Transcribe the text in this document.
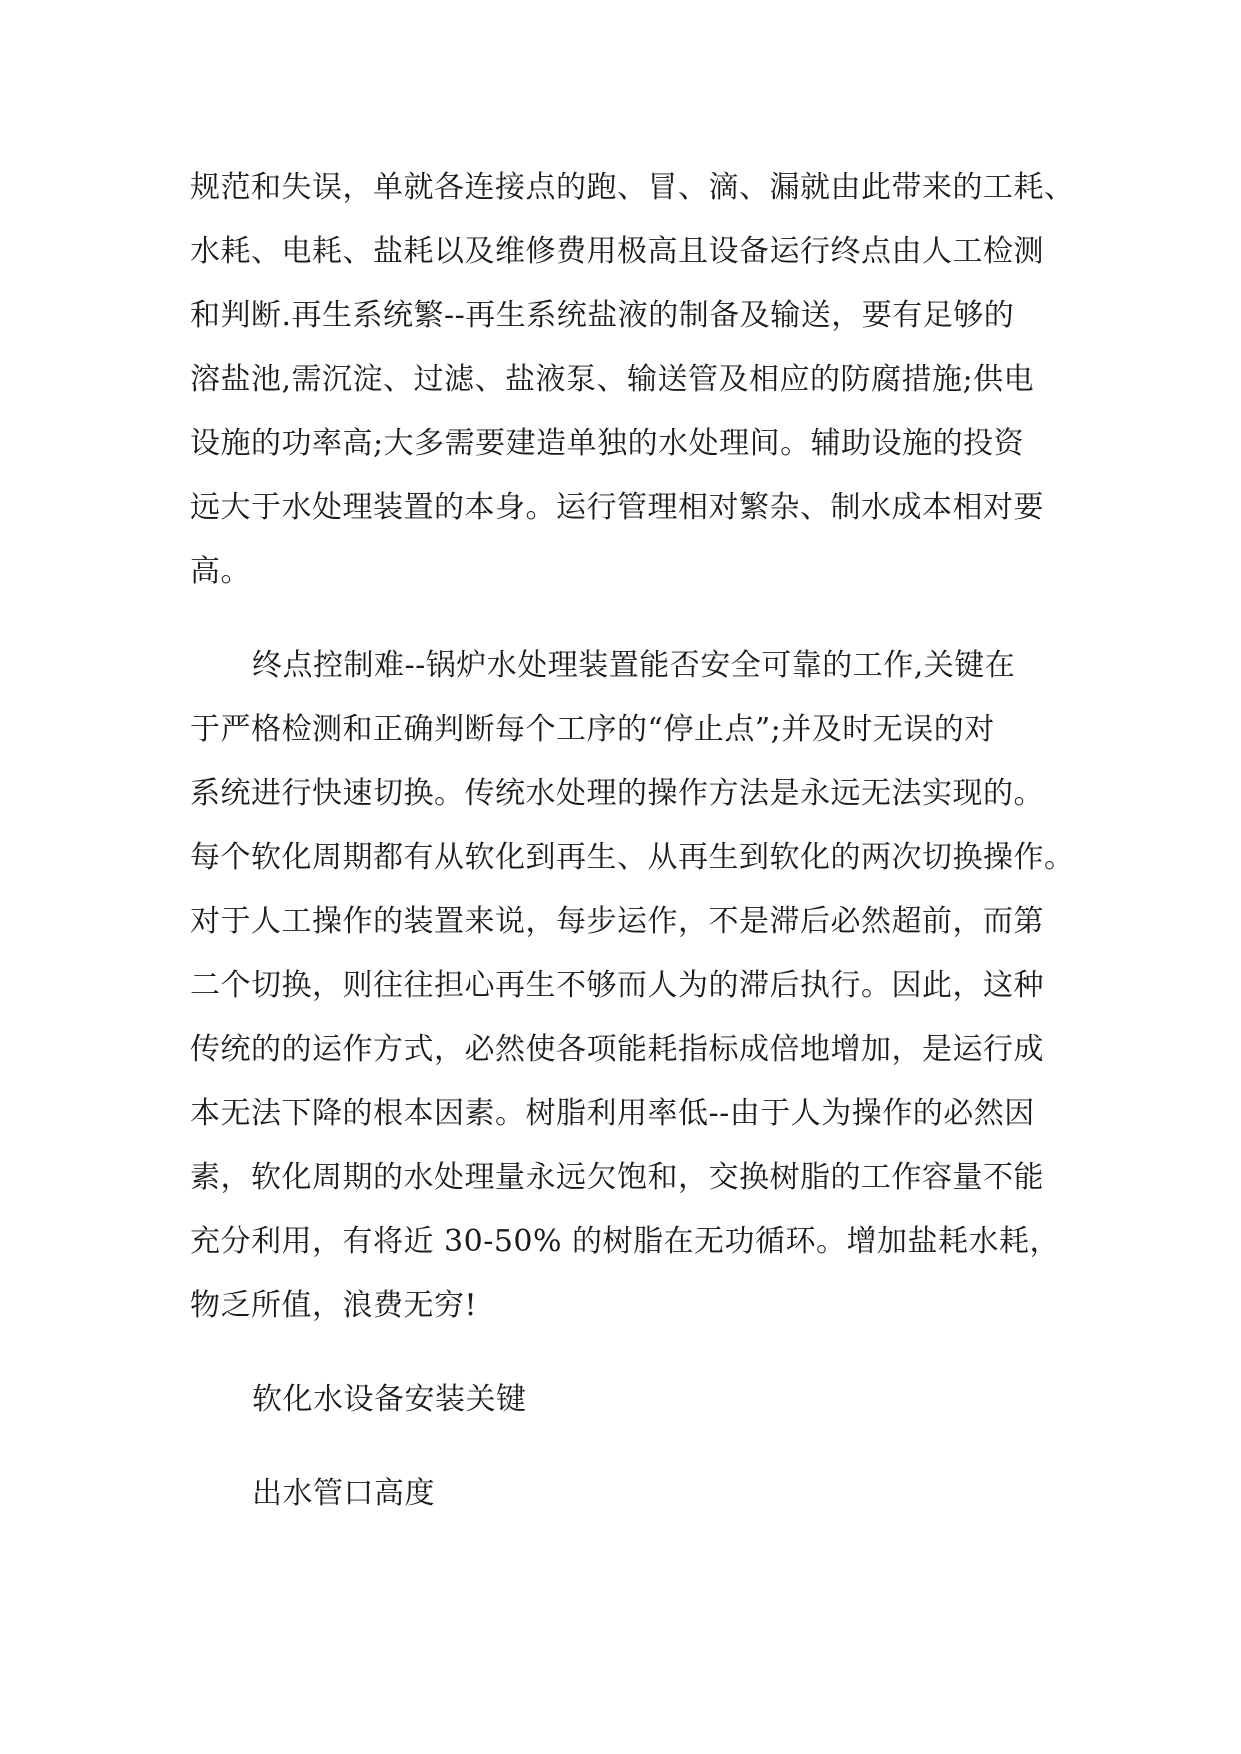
规范和失误，单就各连接点的跑、冒、滴、漏就由此带来的工耗、
水耗、电耗、盐耗以及维修费用极高且设备运行终点由人工检测
和判断.再生系统繁--再生系统盐液的制备及输送，要有足够的
溶盐池,需沉淀、过滤、盐液泵、输送管及相应的防腐措施;供电
设施的功率高;大多需要建造单独的水处理间。辅助设施的投资
远大于水处理装置的本身。运行管理相对繁杂、制水成本相对要
高。

终点控制难--锅炉水处理装置能否安全可靠的工作,关键在
于严格检测和正确判断每个工序的“停止点”;并及时无误的对
系统进行快速切换。传统水处理的操作方法是永远无法实现的。
每个软化周期都有从软化到再生、从再生到软化的两次切换操作。
对于人工操作的装置来说，每步运作，不是滞后必然超前，而第
二个切换，则往往担心再生不够而人为的滞后执行。因此，这种
传统的的运作方式，必然使各项能耗指标成倍地增加，是运行成
本无法下降的根本因素。树脂利用率低--由于人为操作的必然因
素，软化周期的水处理量永远欠饱和，交换树脂的工作容量不能
充分利用，有将近 30-50% 的树脂在无功循环。增加盐耗水耗，
物乏所值，浪费无穷!

软化水设备安装关键

出水管口高度
